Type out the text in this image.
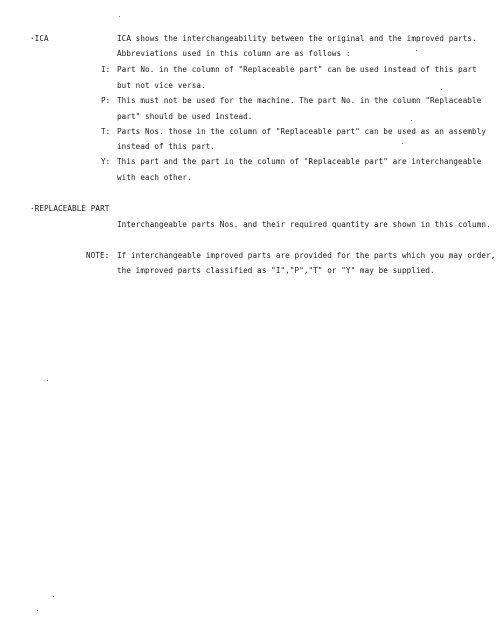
·ICA	ICA shows the interchangeability between the original and the improved parts.
Abbreviations used in this column are as follows :
I: Part No. in the column of "Replaceable part" can be used instead of this part
but not vice versa.
P: This must not be used for the machine. The part No. in the column "Replaceable
part" should be used instead.
T: Parts Nos. those in the column of "Replaceable part" can be used as an assembly
instead of this part.
Y: This part and the part in the column of "Replaceable part" are interchangeable
with each other.
·REPLACEABLE PART
Interchangeable parts Nos. and their required quantity are shown in this column.
NOTE: If interchangeable improved parts are provided for the parts which you may order,
the improved parts classified as "I","P","T" or "Y" may be supplied.
